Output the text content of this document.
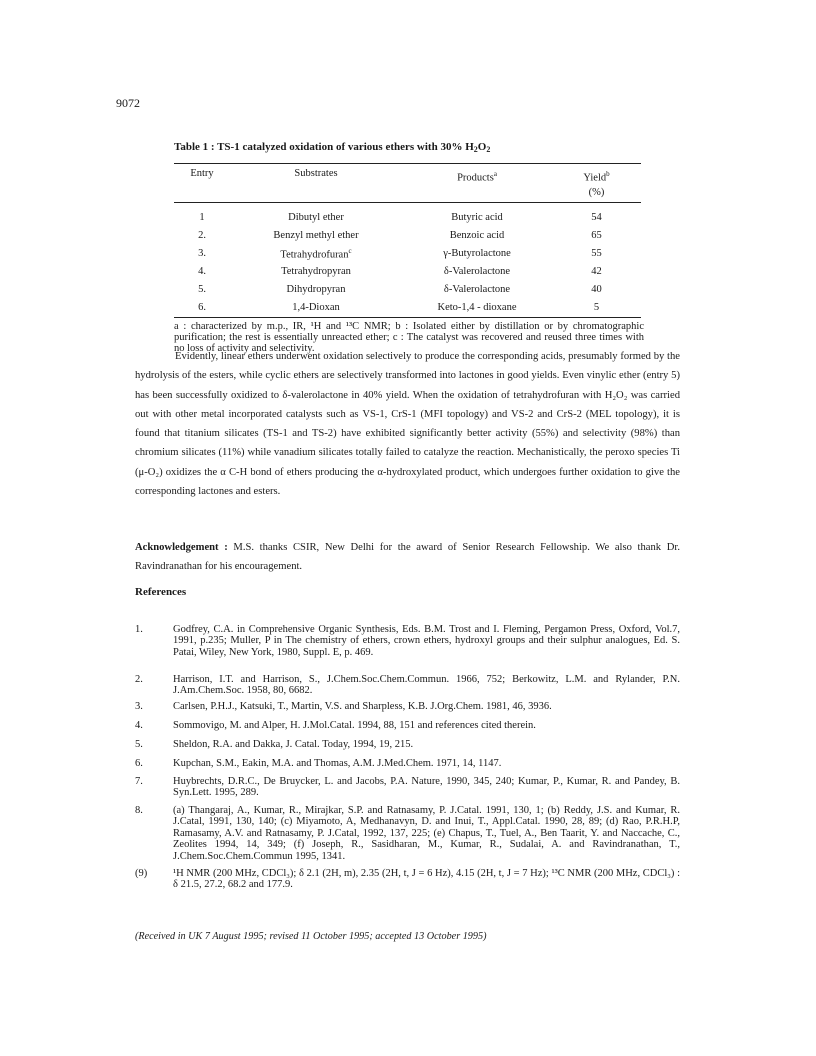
9072
Table 1 : TS-1 catalyzed oxidation of various ethers with 30% $H_2O_2$

Entry	Substrates	Products$^a$	Yield$^b$
(%)

1	Dibutyl ether	Butyric acid	54
2.	Benzyl methyl ether	Benzoic acid	65
3.	Tetrahydrofuran$^c$	γ-Butyrolactone	55
4.	Tetrahydropyran	δ-Valerolactone	42
5.	Dihydropyran	δ-Valerolactone	40
6.	1,4-Dioxan	Keto-1,4 - dioxane	5
a : characterized by m.p., IR, ¹H and ¹³C NMR; b : Isolated either by distillation or by chromatographic purification; the rest is essentially unreacted ether; c : The catalyst was recovered and reused three times with no loss of activity and selectivity.
Evidently, linear ethers underwent oxidation selectively to produce the corresponding acids, presumably formed by the hydrolysis of the esters, while cyclic ethers are selectively transformed into lactones in good yields. Even vinylic ether (entry 5) has been successfully oxidized to δ-valerolactone in 40% yield. When the oxidation of tetrahydrofuran with H₂O₂ was carried out with other metal incorporated catalysts such as VS-1, CrS-1 (MFI topology) and VS-2 and CrS-2 (MEL topology), it is found that titanium silicates (TS-1 and TS-2) have exhibited significantly better activity (55%) and selectivity (98%) than chromium silicates (11%) while vanadium silicates totally failed to catalyze the reaction. Mechanistically, the peroxo species Ti (μ-O₂) oxidizes the α C-H bond of ethers producing the α-hydroxylated product, which undergoes further oxidation to give the corresponding lactones and esters.
Acknowledgement : M.S. thanks CSIR, New Delhi for the award of Senior Research Fellowship. We also thank Dr. Ravindranathan for his encouragement.
References
1.	Godfrey, C.A. in Comprehensive Organic Synthesis, Eds. B.M. Trost and I. Fleming, Pergamon Press, Oxford, Vol.7, 1991, p.235; Muller, P in The chemistry of ethers, crown ethers, hydroxyl groups and their sulphur analogues, Ed. S. Patai, Wiley, New York, 1980, Suppl. E, p. 469.
2.	Harrison, I.T. and Harrison, S., J.Chem.Soc.Chem.Commun. 1966, 752; Berkowitz, L.M. and Rylander, P.N. J.Am.Chem.Soc. 1958, 80, 6682.
3.	Carlsen, P.H.J., Katsuki, T., Martin, V.S. and Sharpless, K.B. J.Org.Chem. 1981, 46, 3936.
4.	Sommovigo, M. and Alper, H. J.Mol.Catal. 1994, 88, 151 and references cited therein.
5.	Sheldon, R.A. and Dakka, J. Catal. Today, 1994, 19, 215.
6.	Kupchan, S.M., Eakin, M.A. and Thomas, A.M. J.Med.Chem. 1971, 14, 1147.
7.	Huybrechts, D.R.C., De Bruycker, L. and Jacobs, P.A. Nature, 1990, 345, 240; Kumar, P., Kumar, R. and Pandey, B. Syn.Lett. 1995, 289.
8.	(a) Thangaraj, A., Kumar, R., Mirajkar, S.P. and Ratnasamy, P. J.Catal. 1991, 130, 1; (b) Reddy, J.S. and Kumar, R. J.Catal, 1991, 130, 140; (c) Miyamoto, A, Medhanavyn, D. and Inui, T., Appl.Catal. 1990, 28, 89; (d) Rao, P.R.H.P, Ramasamy, A.V. and Ratnasamy, P. J.Catal, 1992, 137, 225; (e) Chapus, T., Tuel, A., Ben Taarit, Y. and Naccache, C., Zeolites 1994, 14, 349; (f) Joseph, R., Sasidharan, M., Kumar, R., Sudalai, A. and Ravindranathan, T., J.Chem.Soc.Chem.Commun 1995, 1341.
(9) ¹H NMR (200 MHz, CDCl₃); δ 2.1 (2H, m), 2.35 (2H, t, J = 6 Hz), 4.15 (2H, t, J = 7 Hz); ¹³C NMR (200 MHz, CDCl₃) : δ 21.5, 27.2, 68.2 and 177.9.
(Received in UK 7 August 1995; revised 11 October 1995; accepted 13 October 1995)
